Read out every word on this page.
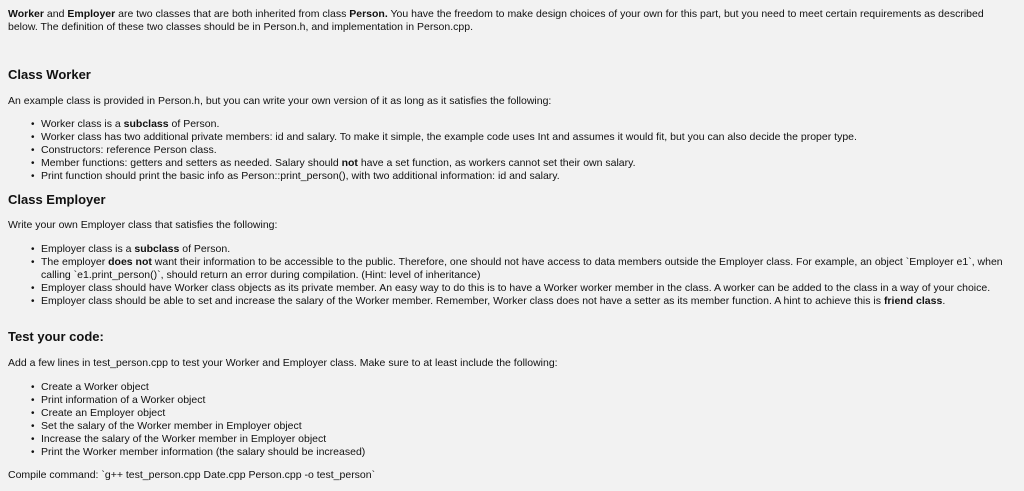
Worker and Employer are two classes that are both inherited from class Person. You have the freedom to make design choices of your own for this part, but you need to meet certain requirements as described below. The definition of these two classes should be in Person.h, and implementation in Person.cpp.

Class Worker

An example class is provided in Person.h, but you can write your own version of it as long as it satisfies the following:

• Worker class is a subclass of Person.
• Worker class has two additional private members: id and salary. To make it simple, the example code uses Int and assumes it would fit, but you can also decide the proper type.
• Constructors: reference Person class.
• Member functions: getters and setters as needed. Salary should not have a set function, as workers cannot set their own salary.
• Print function should print the basic info as Person::print_person(), with two additional information: id and salary.
Class Employer

Write your own Employer class that satisfies the following:

• Employer class is a subclass of Person.
• The employer does not want their information to be accessible to the public. Therefore, one should not have access to data members outside the Employer class. For example, an object `Employer e1`, when calling `e1.print_person()`, should return an error during compilation. (Hint: level of inheritance)
• Employer class should have Worker class objects as its private member. An easy way to do this is to have a Worker worker member in the class. A worker can be added to the class in a way of your choice.
• Employer class should be able to set and increase the salary of the Worker member. Remember, Worker class does not have a setter as its member function. A hint to achieve this is friend class.
Test your code:

Add a few lines in test_person.cpp to test your Worker and Employer class. Make sure to at least include the following:

• Create a Worker object
• Print information of a Worker object
• Create an Employer object
• Set the salary of the Worker member in Employer object
• Increase the salary of the Worker member in Employer object
• Print the Worker member information (the salary should be increased)

Compile command: `g++ test_person.cpp Date.cpp Person.cpp -o test_person`
